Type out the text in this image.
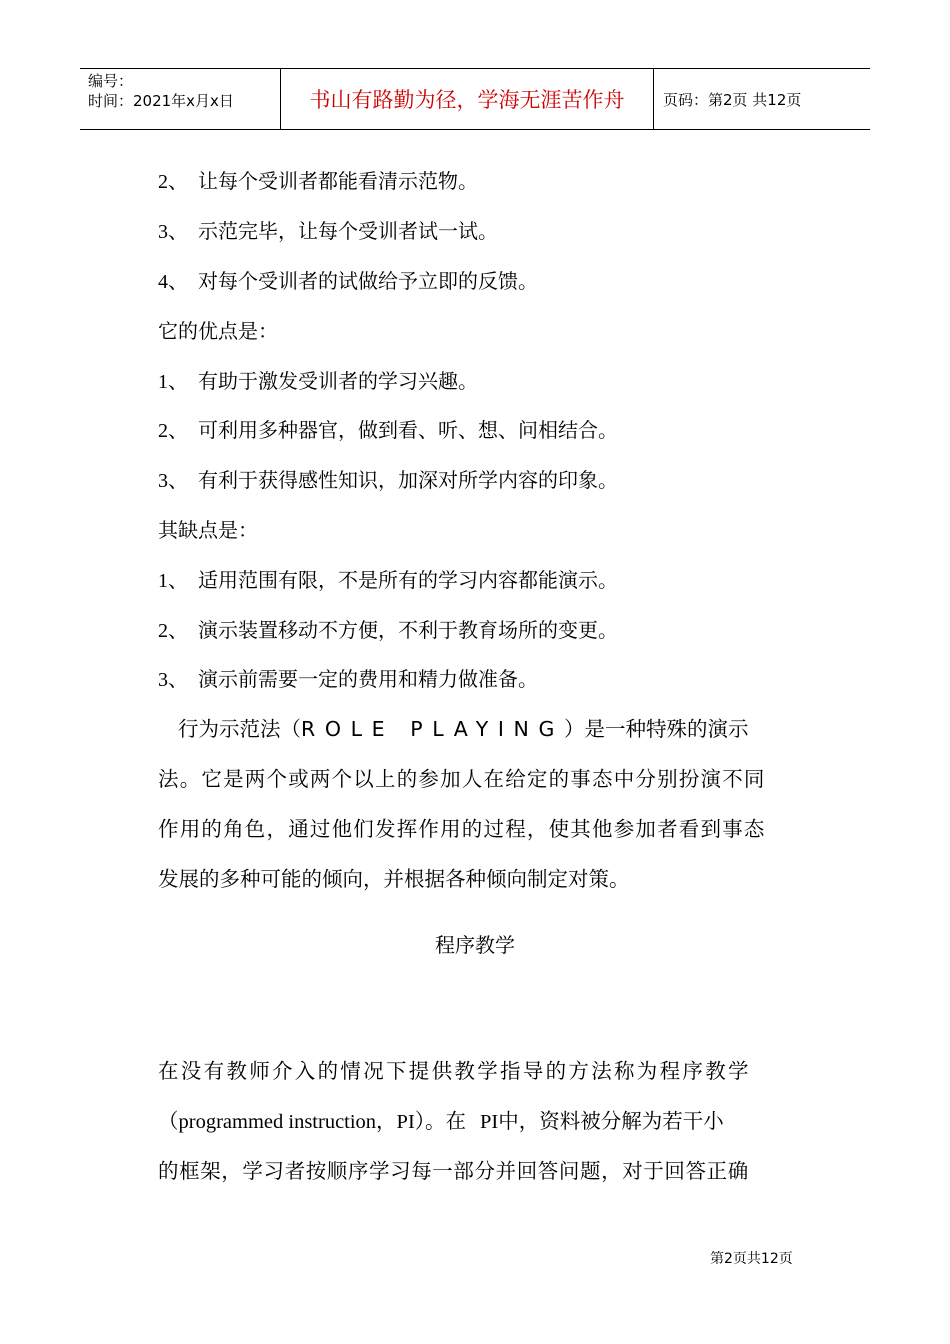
编号：
时间：2021年x月x日	书山有路勤为径，学海无涯苦作舟	页码：第2页 共12页
2、 让每个受训者都能看清示范物。
3、 示范完毕，让每个受训者试一试。
4、 对每个受训者的试做给予立即的反馈。
它的优点是：
1、 有助于激发受训者的学习兴趣。
2、 可利用多种器官，做到看、听、想、问相结合。
3、 有利于获得感性知识，加深对所学内容的印象。
其缺点是：
1、 适用范围有限，不是所有的学习内容都能演示。
2、 演示装置移动不方便，不利于教育场所的变更。
3、 演示前需要一定的费用和精力做准备。
行为示范法（ROLE PLAYING）是一种特殊的演示
法。它是两个或两个以上的参加人在给定的事态中分别扮演不同
作用的角色，通过他们发挥作用的过程，使其他参加者看到事态
发展的多种可能的倾向，并根据各种倾向制定对策。
程序教学
在没有教师介入的情况下提供教学指导的方法称为程序教学
（programmed instruction，PI）。在 PI中，资料被分解为若干小
的框架，学习者按顺序学习每一部分并回答问题，对于回答正确
第2页共12页
